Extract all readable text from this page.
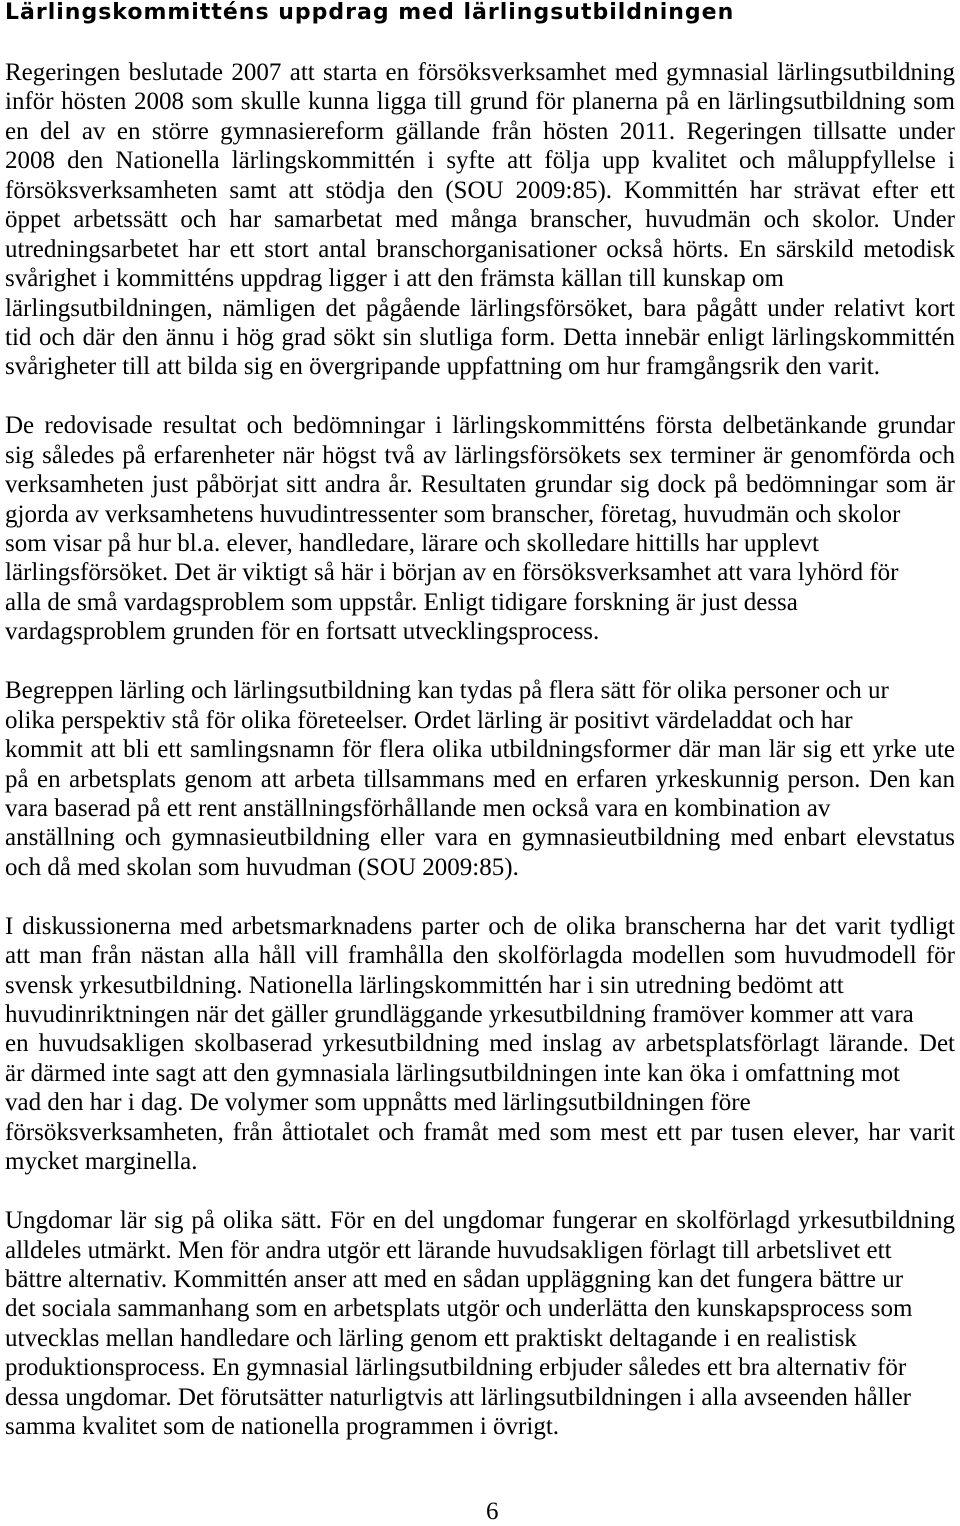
Lärlingskommitténs uppdrag med lärlingsutbildningen
Regeringen beslutade 2007 att starta en försöksverksamhet med gymnasial lärlingsutbildning
inför hösten 2008 som skulle kunna ligga till grund för planerna på en lärlingsutbildning som
en del av en större gymnasiereform gällande från hösten 2011. Regeringen tillsatte under
2008 den Nationella lärlingskommittén i syfte att följa upp kvalitet och måluppfyllelse i
försöksverksamheten samt att stödja den (SOU 2009:85). Kommittén har strävat efter ett
öppet arbetssätt och har samarbetat med många branscher, huvudmän och skolor. Under
utredningsarbetet har ett stort antal branschorganisationer också hörts. En särskild metodisk
svårighet i kommitténs uppdrag ligger i att den främsta källan till kunskap om
lärlingsutbildningen, nämligen det pågående lärlingsförsöket, bara pågått under relativt kort
tid och där den ännu i hög grad sökt sin slutliga form. Detta innebär enligt lärlingskommittén
svårigheter till att bilda sig en övergripande uppfattning om hur framgångsrik den varit.
De redovisade resultat och bedömningar i lärlingskommitténs första delbetänkande grundar
sig således på erfarenheter när högst två av lärlingsförsökets sex terminer är genomförda och
verksamheten just påbörjat sitt andra år. Resultaten grundar sig dock på bedömningar som är
gjorda av verksamhetens huvudintressenter som branscher, företag, huvudmän och skolor
som visar på hur bl.a. elever, handledare, lärare och skolledare hittills har upplevt
lärlingsförsöket. Det är viktigt så här i början av en försöksverksamhet att vara lyhörd för
alla de små vardagsproblem som uppstår. Enligt tidigare forskning är just dessa
vardagsproblem grunden för en fortsatt utvecklingsprocess.
Begreppen lärling och lärlingsutbildning kan tydas på flera sätt för olika personer och ur
olika perspektiv stå för olika företeelser. Ordet lärling är positivt värdeladdat och har
kommit att bli ett samlingsnamn för flera olika utbildningsformer där man lär sig ett yrke ute
på en arbetsplats genom att arbeta tillsammans med en erfaren yrkeskunnig person. Den kan
vara baserad på ett rent anställningsförhållande men också vara en kombination av
anställning och gymnasieutbildning eller vara en gymnasieutbildning med enbart elevstatus
och då med skolan som huvudman (SOU 2009:85).
I diskussionerna med arbetsmarknadens parter och de olika branscherna har det varit tydligt
att man från nästan alla håll vill framhålla den skolförlagda modellen som huvudmodell för
svensk yrkesutbildning. Nationella lärlingskommittén har i sin utredning bedömt att
huvudinriktningen när det gäller grundläggande yrkesutbildning framöver kommer att vara
en huvudsakligen skolbaserad yrkesutbildning med inslag av arbetsplatsförlagt lärande. Det
är därmed inte sagt att den gymnasiala lärlingsutbildningen inte kan öka i omfattning mot
vad den har i dag. De volymer som uppnåtts med lärlingsutbildningen före
försöksverksamheten, från åttiotalet och framåt med som mest ett par tusen elever, har varit
mycket marginella.
Ungdomar lär sig på olika sätt. För en del ungdomar fungerar en skolförlagd yrkesutbildning
alldeles utmärkt. Men för andra utgör ett lärande huvudsakligen förlagt till arbetslivet ett
bättre alternativ. Kommittén anser att med en sådan uppläggning kan det fungera bättre ur
det sociala sammanhang som en arbetsplats utgör och underlätta den kunskapsprocess som
utvecklas mellan handledare och lärling genom ett praktiskt deltagande i en realistisk
produktionsprocess. En gymnasial lärlingsutbildning erbjuder således ett bra alternativ för
dessa ungdomar. Det förutsätter naturligtvis att lärlingsutbildningen i alla avseenden håller
samma kvalitet som de nationella programmen i övrigt.
6
